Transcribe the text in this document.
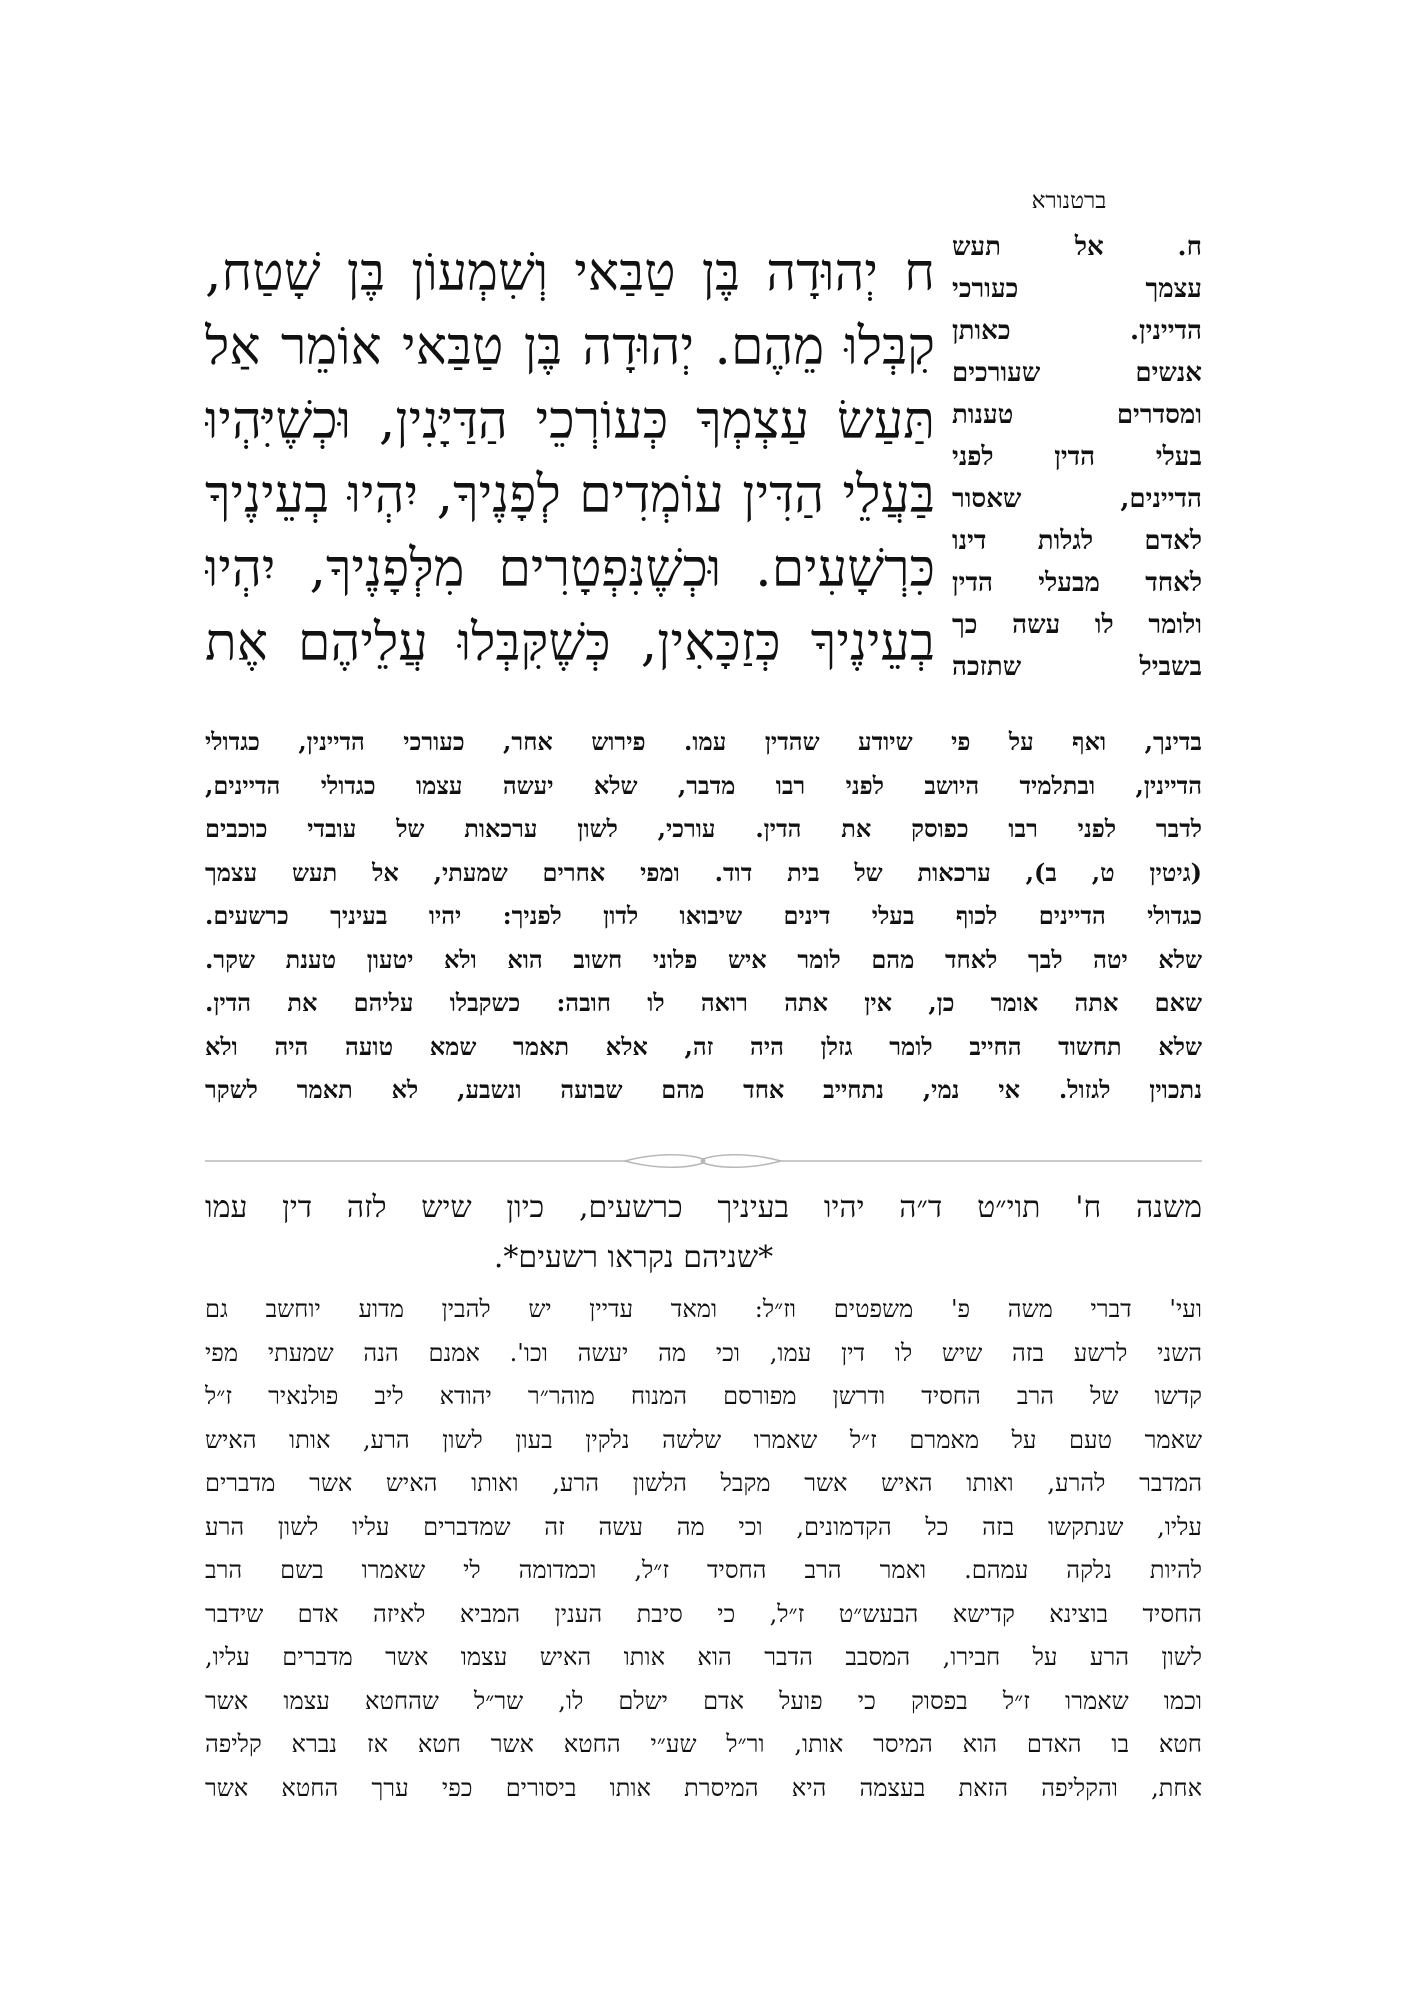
ברטנורא
ח. אל תעש
עצמך כעורכי
הדיינין. כאותן
אנשים שעורכים
ומסדרים טענות
בעלי הדין לפני
הדיינים, שאסור
לאדם לגלות דינו
לאחד מבעלי הדין
ולומר לו עשה כך
בשביל שתזכה
ח יְהוּדָה בֶּן טַבַּאי וְשִׁמְעוֹן בֶּן שָׁטַח,
קִבְּלוּ מֵהֶם. יְהוּדָה בֶּן טַבַּאי אוֹמֵר אַל
תַּעַשׂ עַצְמְךָ כְּעוֹרְכֵי הַדַּיָּנִין, וּכְשֶׁיִּהְיוּ
בַּעֲלֵי הַדִּין עוֹמְדִים לְפָנֶיךָ, יִהְיוּ בְעֵינֶיךָ
כִּרְשָׁעִים. וּכְשֶׁנִּפְטָרִים מִלְּפָנֶיךָ, יִהְיוּ
בְעֵינֶיךָ כְּזַכָּאִין, כְּשֶׁקִּבְּלוּ עֲלֵיהֶם אֶת
בדינך, ואף על פי שיודע שהדין עמו. פירוש אחר, כעורכי הדיינין, כגדולי
הדיינין, ובתלמיד היושב לפני רבו מדבר, שלא יעשה עצמו כגדולי הדיינים,
לדבר לפני רבו כפוסק את הדין. עורכי, לשון ערכאות של עובדי כוכבים
(גיטין ט, ב), ערכאות של בית דוד. ומפי אחרים שמעתי, אל תעש עצמך
כגדולי הדיינים לכוף בעלי דינים שיבואו לדון לפניך: יהיו בעיניך כרשעים.
שלא יטה לבך לאחד מהם לומר איש פלוני חשוב הוא ולא יטעון טענת שקר.
שאם אתה אומר כן, אין אתה רואה לו חובה: כשקבלו עליהם את הדין.
שלא תחשוד החייב לומר גזלן היה זה, אלא תאמר שמא טועה היה ולא
נתכוין לגזול. אי נמי, נתחייב אחד מהם שבועה ונשבע, לא תאמר לשקר
משנה ח' תוי״ט ד״ה יהיו בעיניך כרשעים, כיון שיש לזה דין עמו
*שניהם נקראו רשעים*.
ועי' דברי משה פ' משפטים וז״ל: ומאד עדיין יש להבין מדוע יוחשב גם
השני לרשע בזה שיש לו דין עמו, וכי מה יעשה וכו'. אמנם הנה שמעתי מפי
קדשו של הרב החסיד ודרשן מפורסם המנוח מוהר״ר יהודא ליב פולנאיר ז״ל
שאמר טעם על מאמרם ז״ל שאמרו שלשה נלקין בעון לשון הרע, אותו האיש
המדבר להרע, ואותו האיש אשר מקבל הלשון הרע, ואותו האיש אשר מדברים
עליו, שנתקשו בזה כל הקדמונים, וכי מה עשה זה שמדברים עליו לשון הרע
להיות נלקה עמהם. ואמר הרב החסיד ז״ל, וכמדומה לי שאמרו בשם הרב
החסיד בוצינא קדישא הבעש״ט ז״ל, כי סיבת הענין המביא לאיזה אדם שידבר
לשון הרע על חבירו, המסבב הדבר הוא אותו האיש עצמו אשר מדברים עליו,
וכמו שאמרו ז״ל בפסוק כי פועל אדם ישלם לו, שר״ל שהחטא עצמו אשר
חטא בו האדם הוא המיסר אותו, ור״ל שע״י החטא אשר חטא אז נברא קליפה
אחת, והקליפה הזאת בעצמה היא המיסרת אותו ביסורים כפי ערך החטא אשר
